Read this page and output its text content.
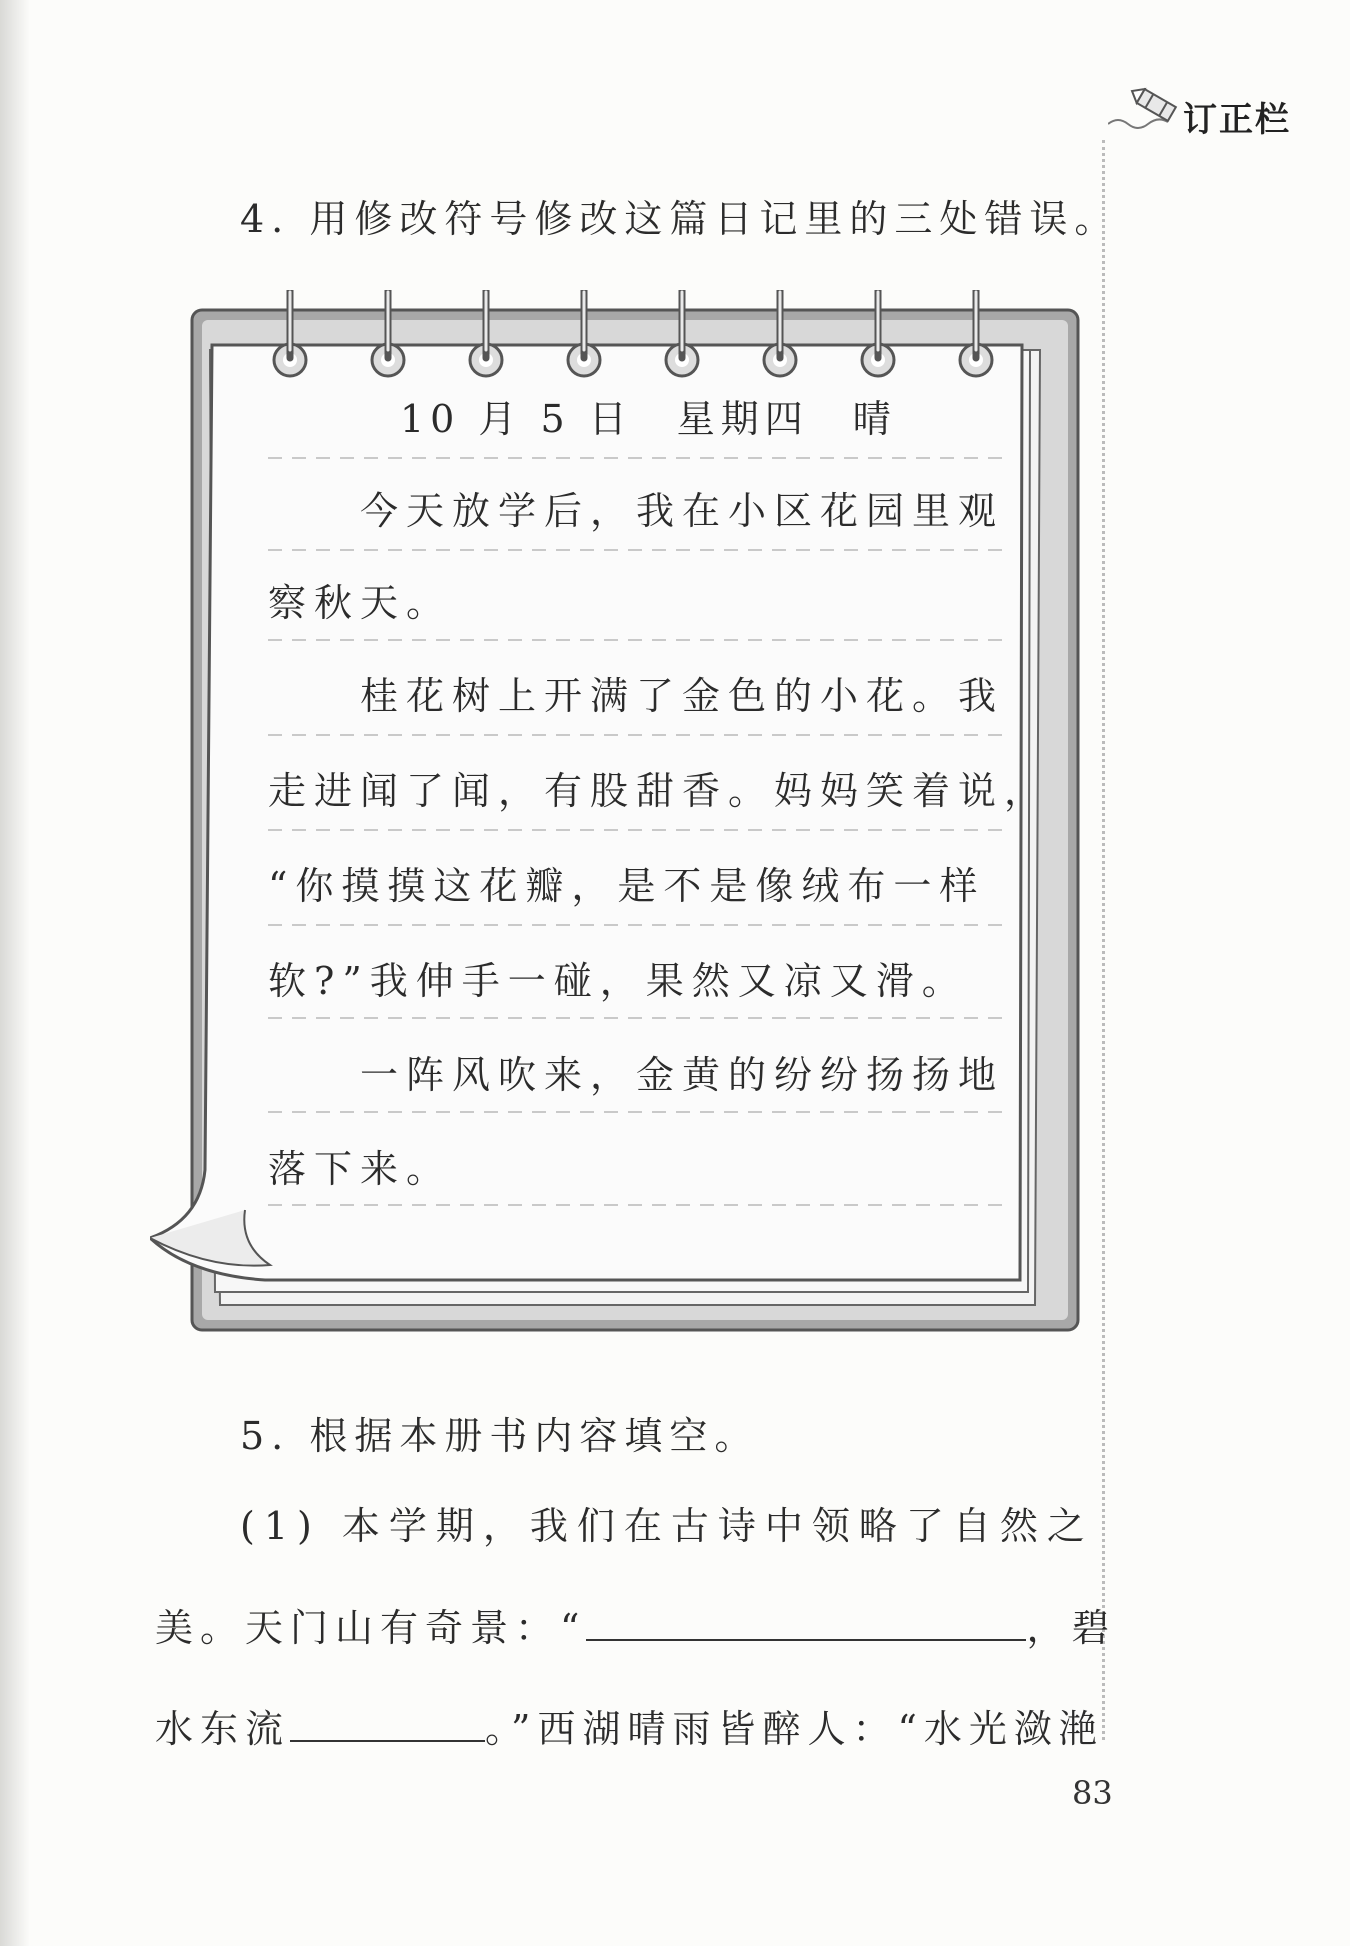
订正栏
4. 用修改符号修改这篇日记里的三处错误。
10 月 5 日　星期四　晴
　　今天放学后，我在小区花园里观
察秋天。
　　桂花树上开满了金色的小花。我
走进闻了闻，有股甜香。妈妈笑着说，
“你摸摸这花瓣，是不是像绒布一样
软?”我伸手一碰，果然又凉又滑。
　　一阵风吹来，金黄的纷纷扬扬地
落下来。
5. 根据本册书内容填空。
(1) 本学期，我们在古诗中领略了自然之
美。天门山有奇景：“	，碧
水东流	。”西湖晴雨皆醉人：“水光潋滟
83
